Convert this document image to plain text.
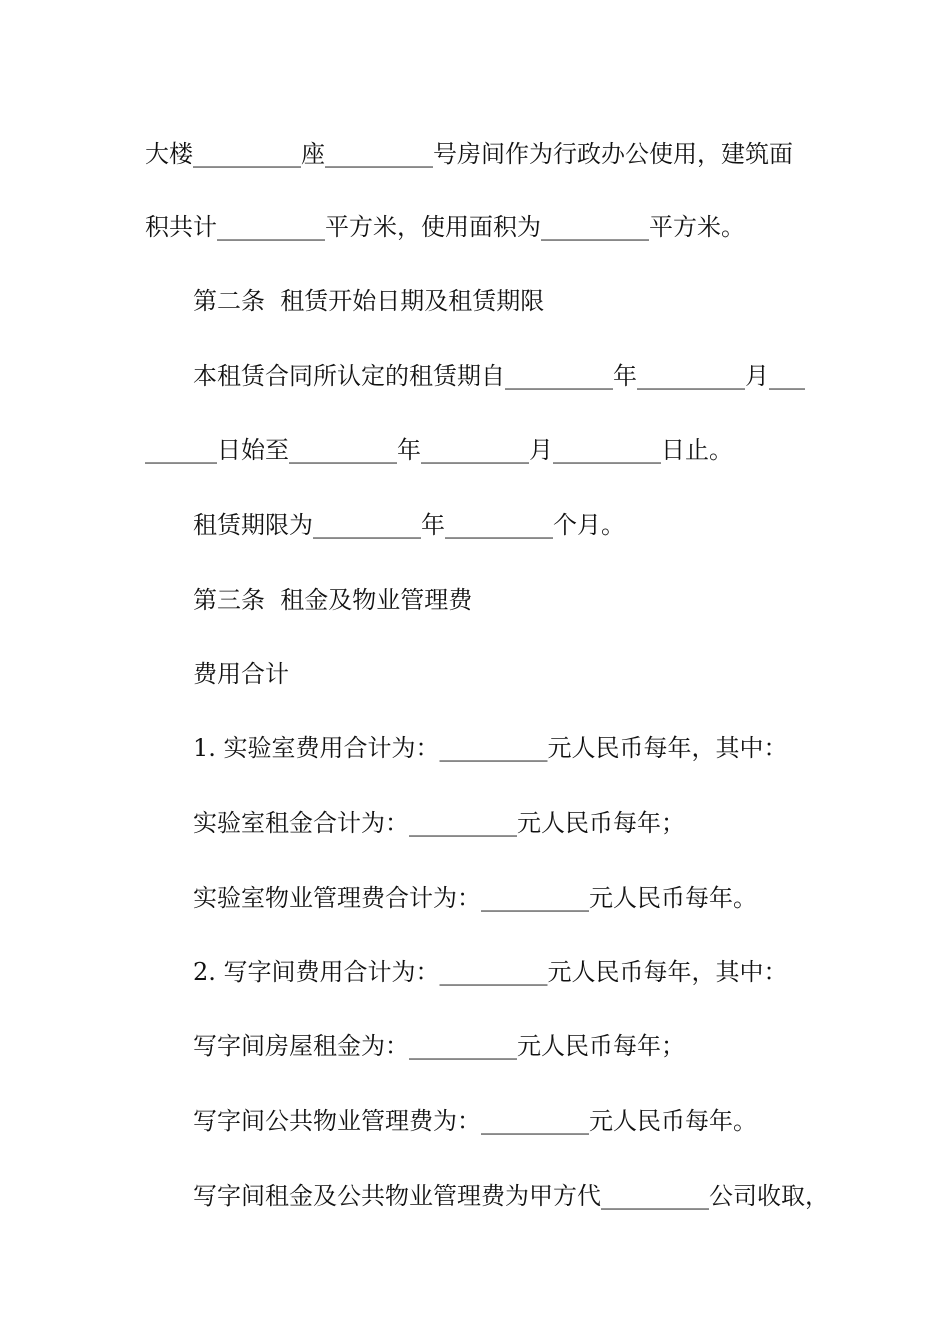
大楼_________座_________号房间作为行政办公使用，建筑面

积共计_________平方米，使用面积为_________平方米。

第二条  租赁开始日期及租赁期限

本租赁合同所认定的租赁期自_________年_________月___

______日始至_________年_________月_________日止。

租赁期限为_________年_________个月。

第三条  租金及物业管理费

费用合计

1. 实验室费用合计为：_________元人民币每年，其中：

实验室租金合计为：_________元人民币每年；

实验室物业管理费合计为：_________元人民币每年。

2. 写字间费用合计为：_________元人民币每年，其中：

写字间房屋租金为：_________元人民币每年；

写字间公共物业管理费为：_________元人民币每年。

写字间租金及公共物业管理费为甲方代_________公司收取，
